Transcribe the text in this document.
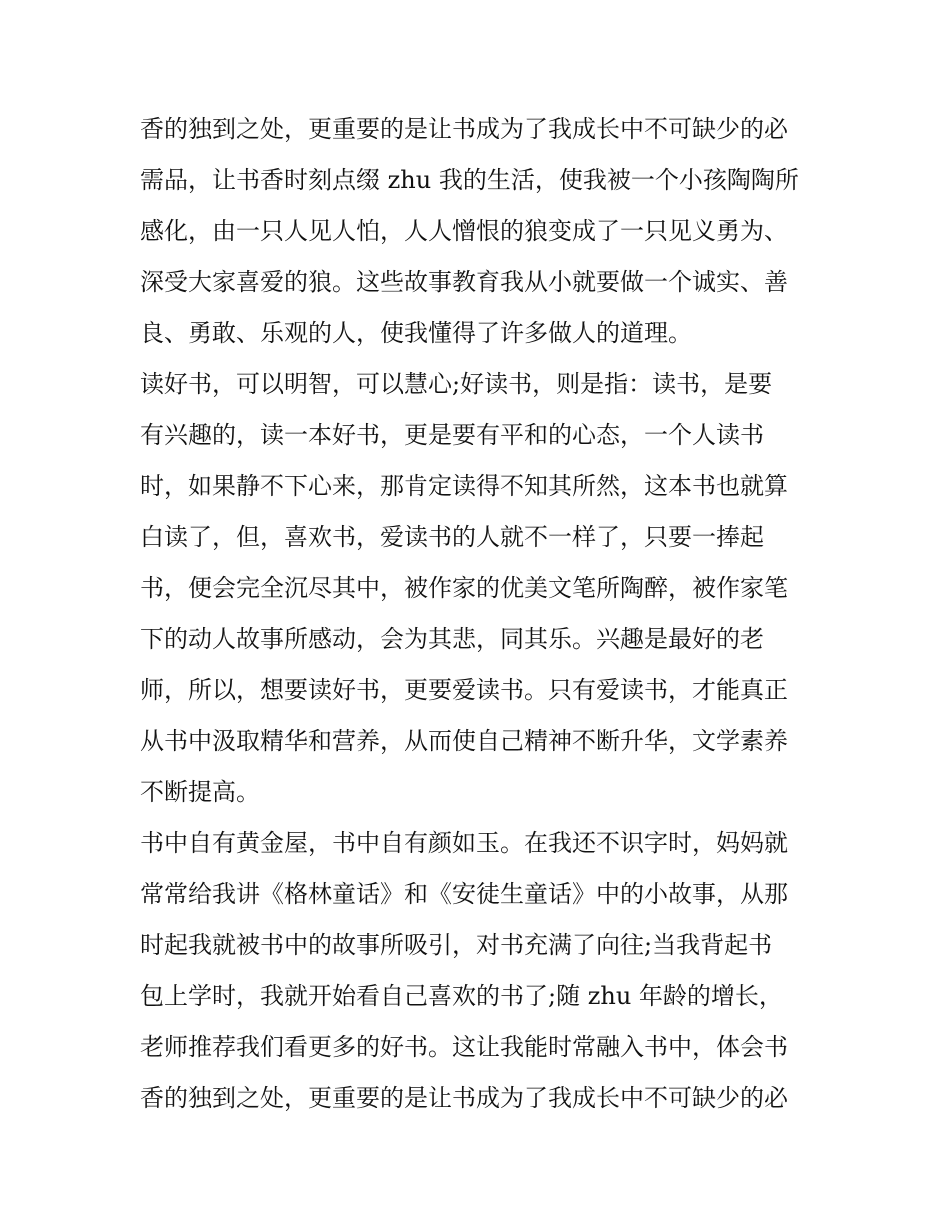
香的独到之处，更重要的是让书成为了我成长中不可缺少的必
需品，让书香时刻点缀 zhu 我的生活，使我被一个小孩陶陶所
感化，由一只人见人怕，人人憎恨的狼变成了一只见义勇为、
深受大家喜爱的狼。这些故事教育我从小就要做一个诚实、善
良、勇敢、乐观的人，使我懂得了许多做人的道理。
读好书，可以明智，可以慧心;好读书，则是指：读书，是要
有兴趣的，读一本好书，更是要有平和的心态，一个人读书
时，如果静不下心来，那肯定读得不知其所然，这本书也就算
白读了，但，喜欢书，爱读书的人就不一样了，只要一捧起
书，便会完全沉尽其中，被作家的优美文笔所陶醉，被作家笔
下的动人故事所感动，会为其悲，同其乐。兴趣是最好的老
师，所以，想要读好书，更要爱读书。只有爱读书，才能真正
从书中汲取精华和营养，从而使自己精神不断升华，文学素养
不断提高。
书中自有黄金屋，书中自有颜如玉。在我还不识字时，妈妈就
常常给我讲《格林童话》和《安徒生童话》中的小故事，从那
时起我就被书中的故事所吸引，对书充满了向往;当我背起书
包上学时，我就开始看自己喜欢的书了;随 zhu 年龄的增长，
老师推荐我们看更多的好书。这让我能时常融入书中，体会书
香的独到之处，更重要的是让书成为了我成长中不可缺少的必
